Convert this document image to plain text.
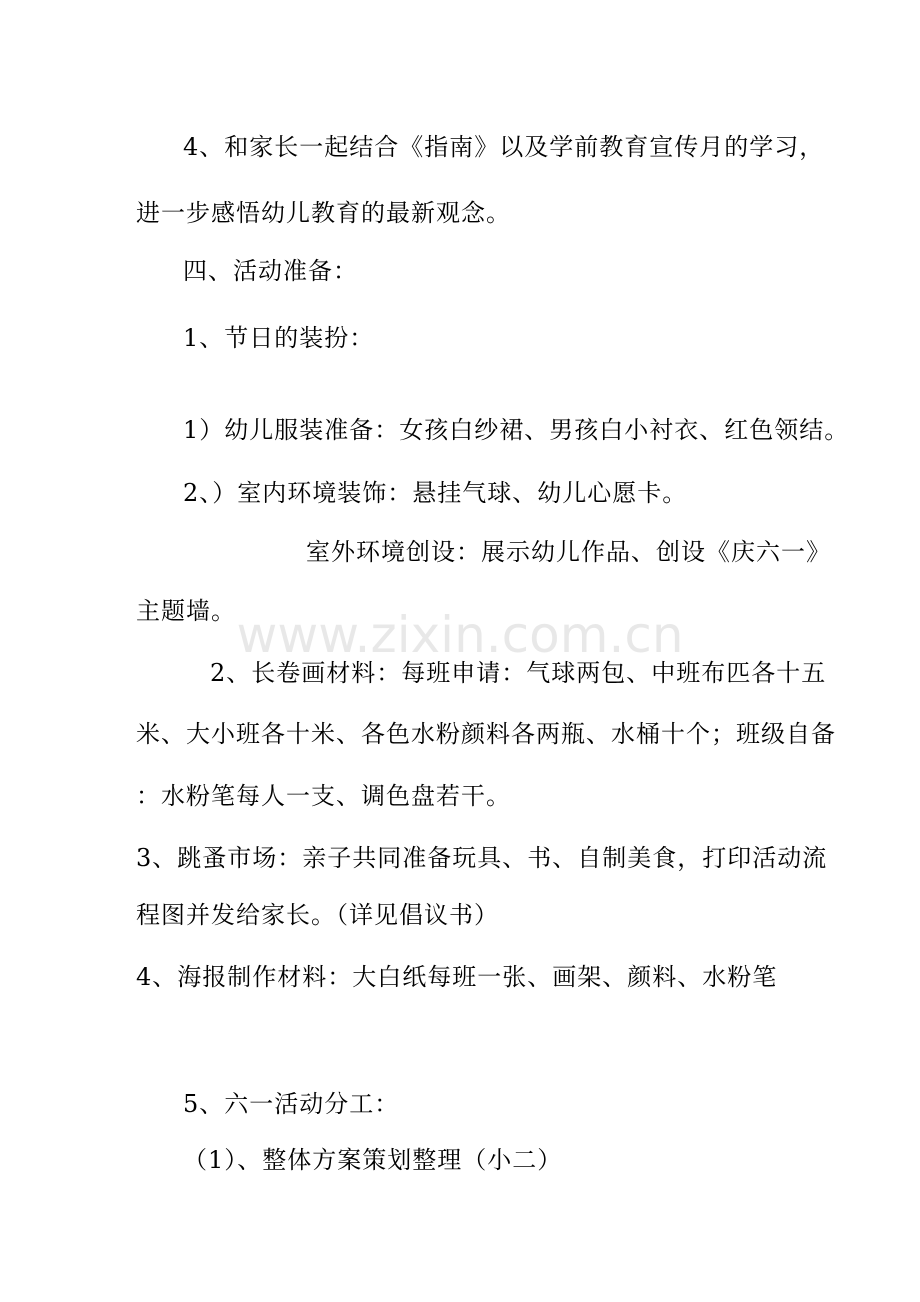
4、和家长一起结合《指南》以及学前教育宣传月的学习，
进一步感悟幼儿教育的最新观念。
四、活动准备：
1、节日的装扮：
1）幼儿服装准备：女孩白纱裙、男孩白小衬衣、红色领结。
2、）室内环境装饰：悬挂气球、幼儿心愿卡。
室外环境创设：展示幼儿作品、创设《庆六一》
主题墙。
2、长卷画材料：每班申请：气球两包、中班布匹各十五
米、大小班各十米、各色水粉颜料各两瓶、水桶十个；班级自备
：水粉笔每人一支、调色盘若干。
3、跳蚤市场：亲子共同准备玩具、书、自制美食，打印活动流
程图并发给家长。（详见倡议书）
4、海报制作材料：大白纸每班一张、画架、颜料、水粉笔
5、六一活动分工：
（1）、整体方案策划整理（小二）
www.zixin.com.cn
